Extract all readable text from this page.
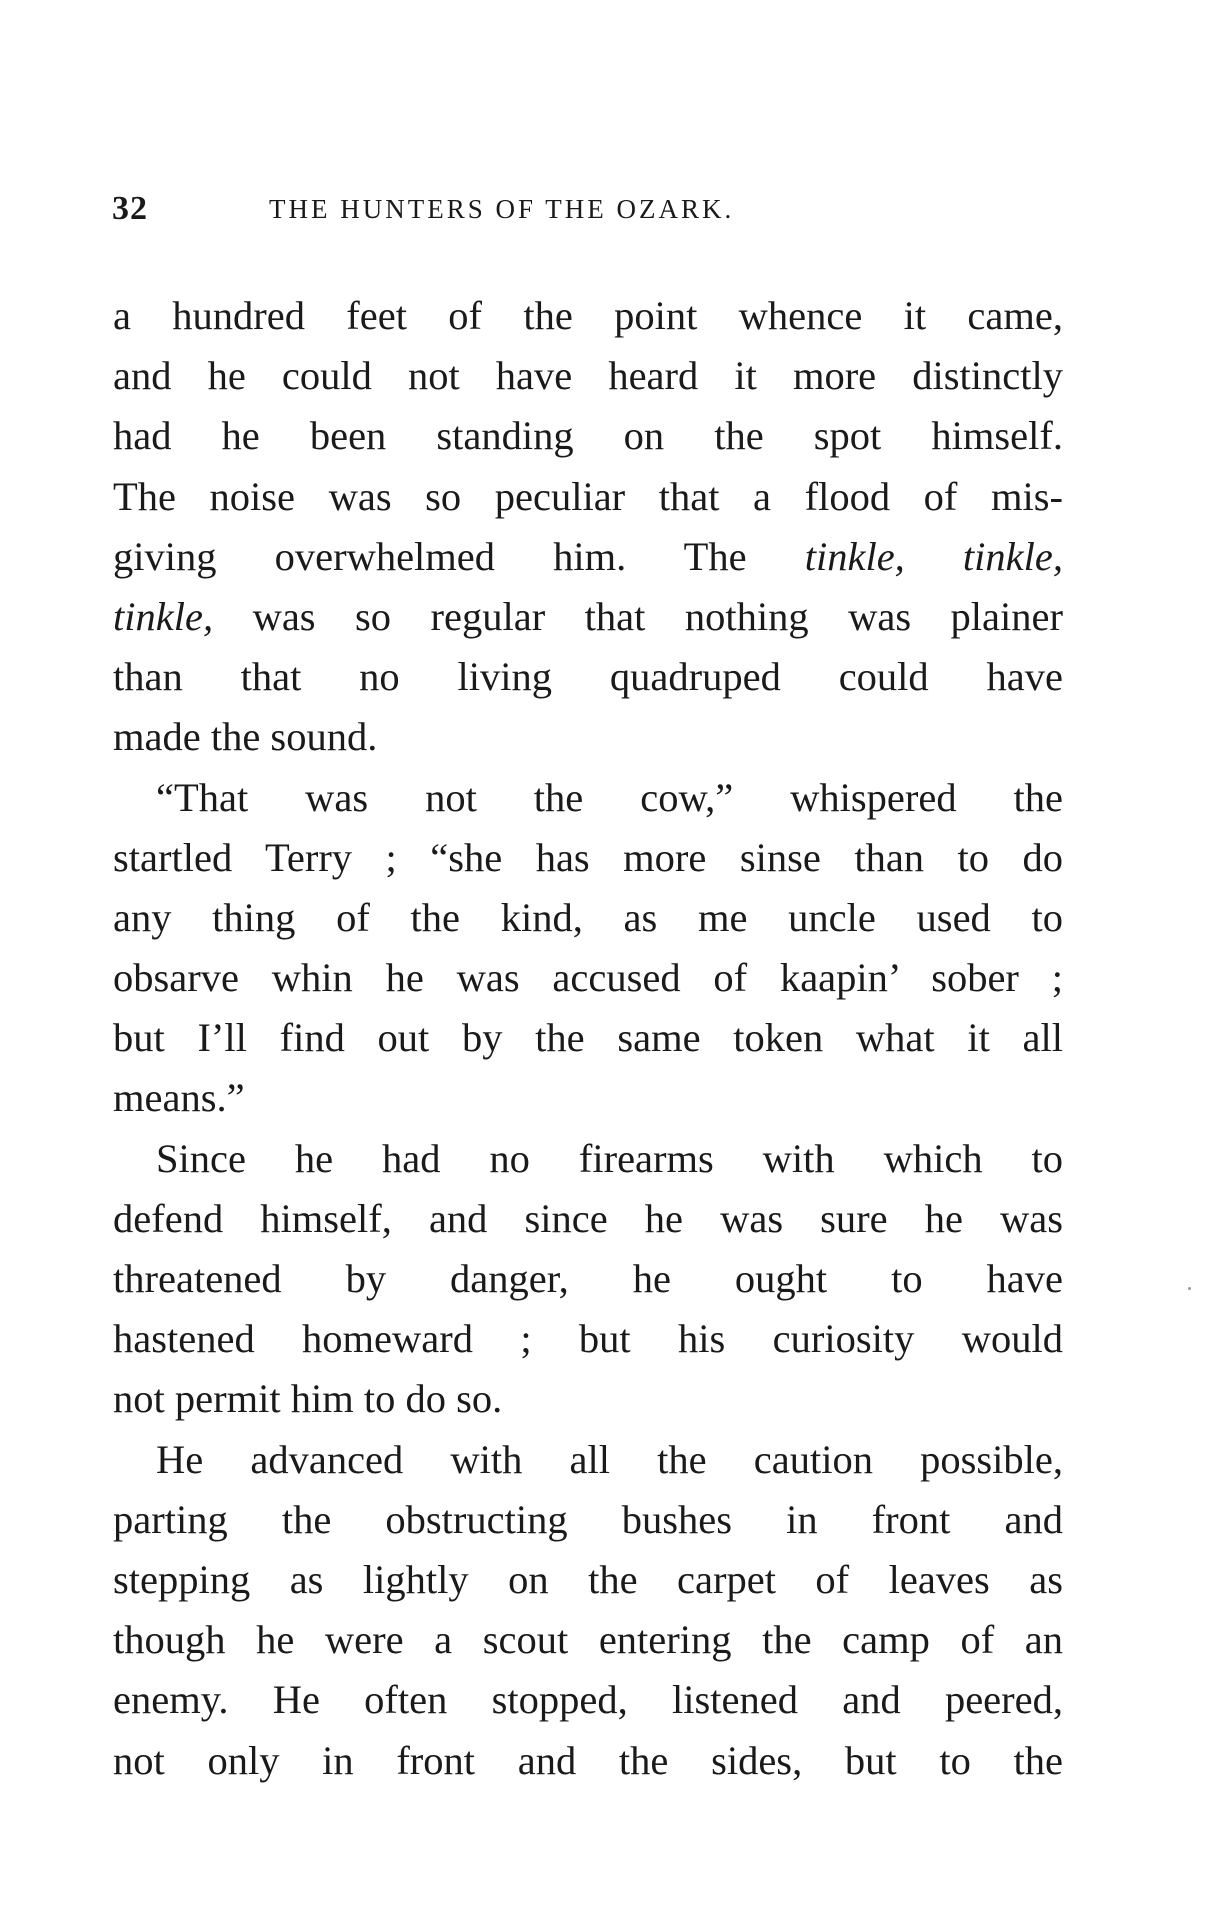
32	THE HUNTERS OF THE OZARK.
a hundred feet of the point whence it came,
and he could not have heard it more distinctly
had he been standing on the spot himself.
The noise was so peculiar that a flood of mis-
giving overwhelmed him. The tinkle, tinkle,
tinkle, was so regular that nothing was plainer
than that no living quadruped could have
made the sound.
“That was not the cow,” whispered the
startled Terry ; “she has more sinse than to do
any thing of the kind, as me uncle used to
obsarve whin he was accused of kaapin’ sober ;
but I’ll find out by the same token what it all
means.”
Since he had no firearms with which to
defend himself, and since he was sure he was
threatened by danger, he ought to have
hastened homeward ; but his curiosity would
not permit him to do so.
He advanced with all the caution possible,
parting the obstructing bushes in front and
stepping as lightly on the carpet of leaves as
though he were a scout entering the camp of an
enemy. He often stopped, listened and peered,
not only in front and the sides, but to the
